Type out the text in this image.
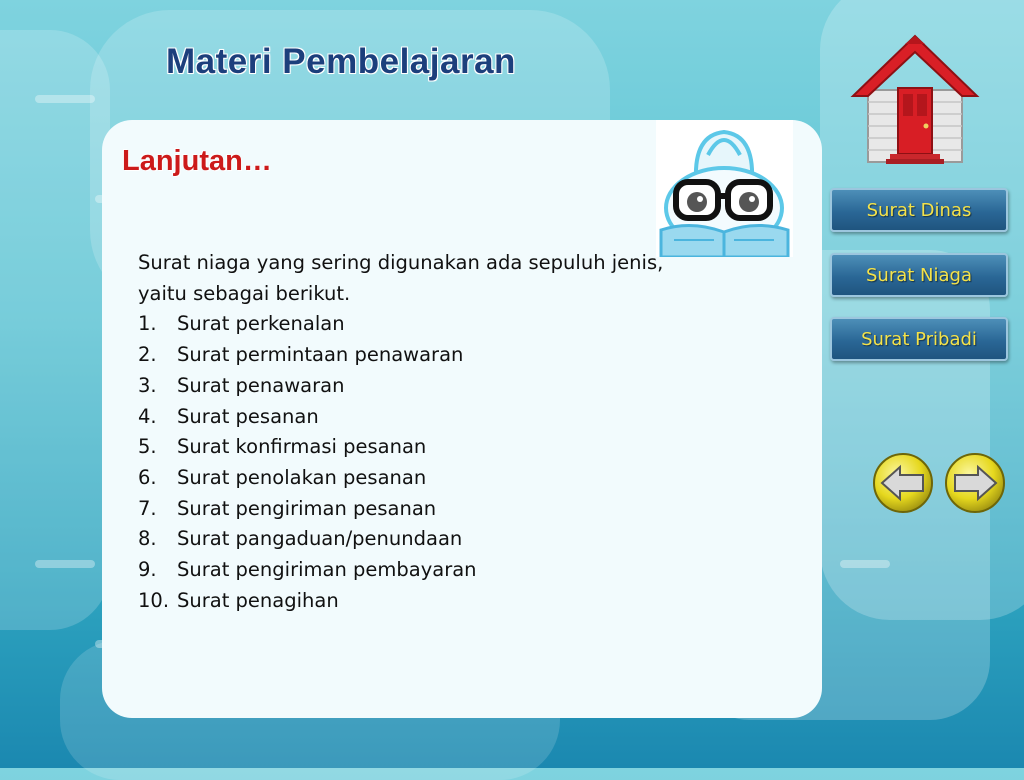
Materi Pembelajaran
Lanjutan…

Surat niaga yang sering digunakan ada sepuluh jenis, yaitu sebagai berikut.

1.	Surat perkenalan
2.	Surat permintaan penawaran
3.	Surat penawaran
4.	Surat pesanan
5.	Surat konfirmasi pesanan
6.	Surat penolakan pesanan
7.	Surat pengiriman pesanan
8.	Surat pangaduan/penundaan
9.	Surat pengiriman pembayaran
10. Surat penagihan
Surat Dinas
Surat Niaga
Surat Pribadi
